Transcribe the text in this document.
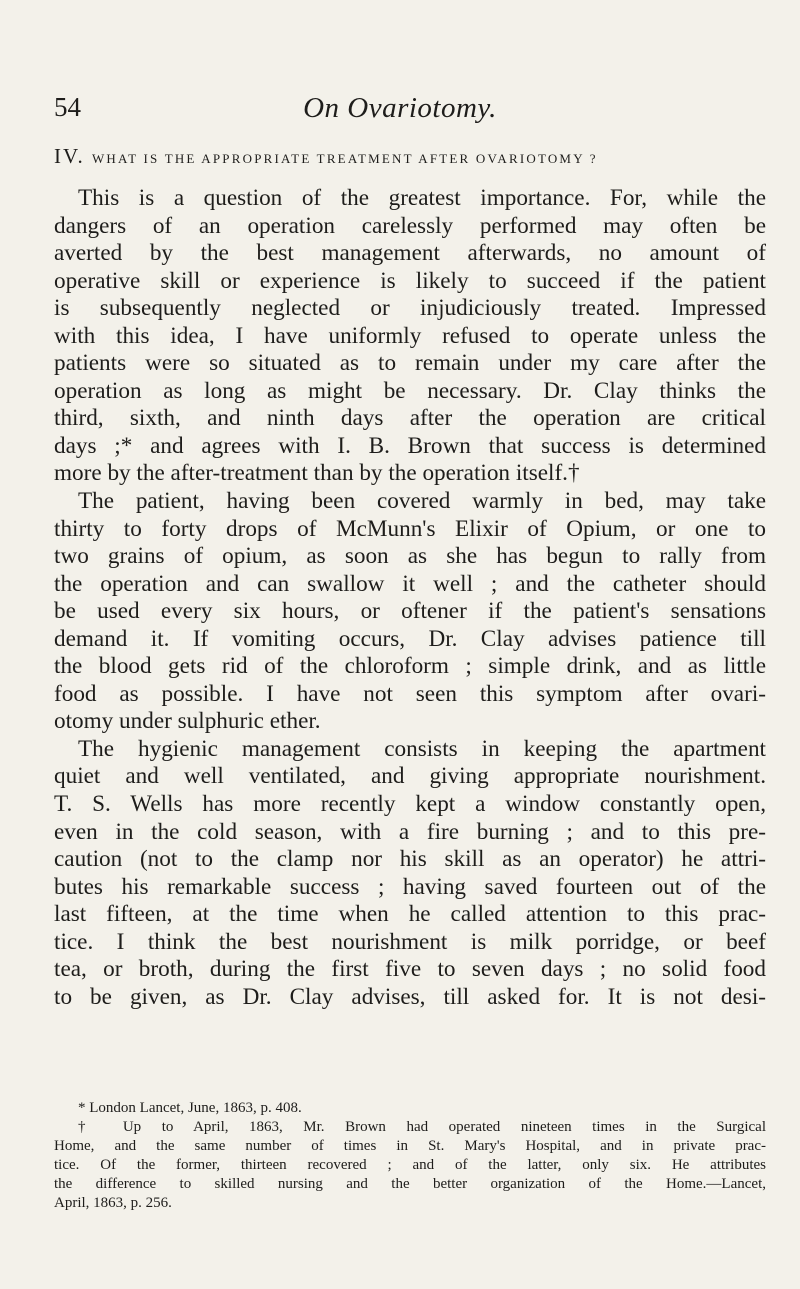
54	On Ovariotomy.
IV. WHAT IS THE APPROPRIATE TREATMENT AFTER OVARIOTOMY ?
This is a question of the greatest importance. For, while the
dangers of an operation carelessly performed may often be
averted by the best management afterwards, no amount of
operative skill or experience is likely to succeed if the patient
is subsequently neglected or injudiciously treated. Impressed
with this idea, I have uniformly refused to operate unless the
patients were so situated as to remain under my care after the
operation as long as might be necessary. Dr. Clay thinks the
third, sixth, and ninth days after the operation are critical
days ;* and agrees with I. B. Brown that success is determined
more by the after-treatment than by the operation itself.†
The patient, having been covered warmly in bed, may take
thirty to forty drops of McMunn's Elixir of Opium, or one to
two grains of opium, as soon as she has begun to rally from
the operation and can swallow it well ; and the catheter should
be used every six hours, or oftener if the patient's sensations
demand it. If vomiting occurs, Dr. Clay advises patience till
the blood gets rid of the chloroform ; simple drink, and as little
food as possible. I have not seen this symptom after ovari-
otomy under sulphuric ether.
The hygienic management consists in keeping the apartment
quiet and well ventilated, and giving appropriate nourishment.
T. S. Wells has more recently kept a window constantly open,
even in the cold season, with a fire burning ; and to this pre-
caution (not to the clamp nor his skill as an operator) he attri-
butes his remarkable success ; having saved fourteen out of the
last fifteen, at the time when he called attention to this prac-
tice. I think the best nourishment is milk porridge, or beef
tea, or broth, during the first five to seven days ; no solid food
to be given, as Dr. Clay advises, till asked for. It is not desi-
* London Lancet, June, 1863, p. 408.
† Up to April, 1863, Mr. Brown had operated nineteen times in the Surgical
Home, and the same number of times in St. Mary's Hospital, and in private prac-
tice. Of the former, thirteen recovered ; and of the latter, only six. He attributes
the difference to skilled nursing and the better organization of the Home.—Lancet,
April, 1863, p. 256.
